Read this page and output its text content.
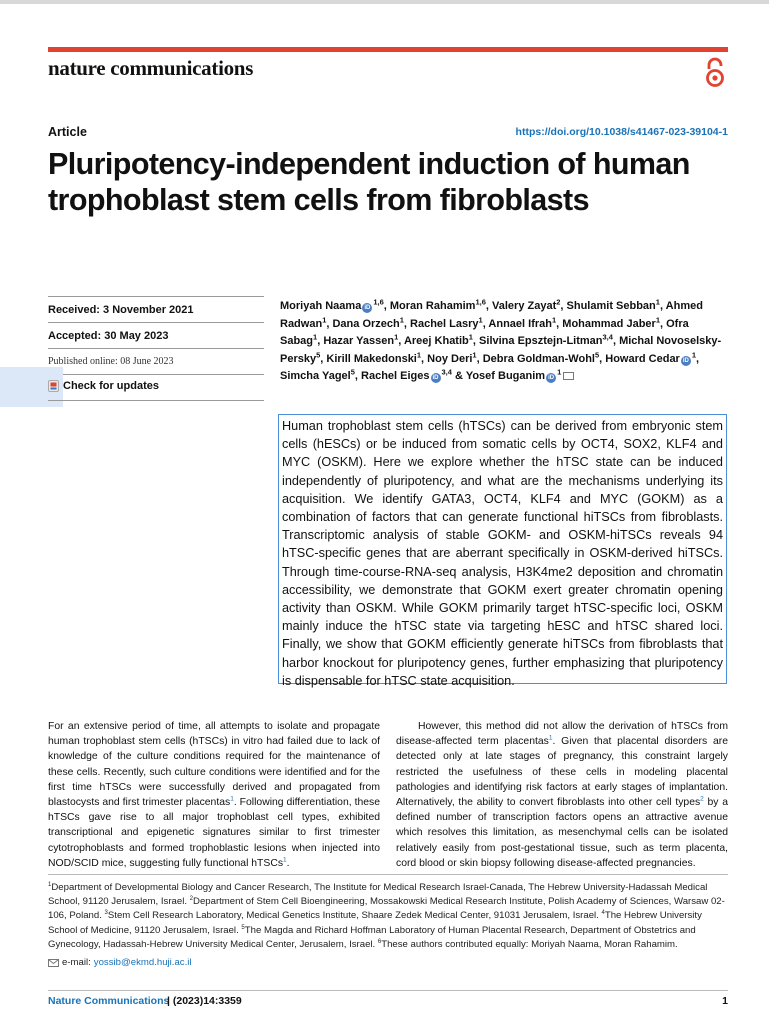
nature communications
Article	https://doi.org/10.1038/s41467-023-39104-1
Pluripotency-independent induction of human trophoblast stem cells from fibroblasts
Received: 3 November 2021
Accepted: 30 May 2023
Published online: 08 June 2023
Check for updates
Moriyah Naama iD$^{1,6}$, Moran Rahamim$^{1,6}$, Valery Zayat$^2$, Shulamit Sebban$^1$, Ahmed Radwan$^1$, Dana Orzech$^1$, Rachel Lasry$^1$, Annael Ifrah$^1$, Mohammad Jaber$^1$, Ofra Sabag$^1$, Hazar Yassen$^1$, Areej Khatib$^1$, Silvina Epsztejn-Litman$^{3,4}$, Michal Novoselsky-Persky$^5$, Kirill Makedonski$^1$, Noy Deri$^1$, Debra Goldman-Wohl$^5$, Howard Cedar $iD^1$, Simcha Yagel$^5$, Rachel Eiges iD$^{3,4}$ & Yosef Buganim $iD^1$

Human trophoblast stem cells (hTSCs) can be derived from embryonic stem cells (hESCs) or be induced from somatic cells by OCT4, SOX2, KLF4 and MYC (OSKM). Here we explore whether the hTSC state can be induced independently of pluripotency, and what are the mechanisms underlying its acquisition. We identify GATA3, OCT4, KLF4 and MYC (GOKM) as a combination of factors that can generate functional hiTSCs from fibroblasts. Transcriptomic analysis of stable GOKM- and OSKM-hiTSCs reveals 94 hTSC-specific genes that are aberrant specifically in OSKM-derived hiTSCs. Through time-course-RNA-seq analysis, H3K4me2 deposition and chromatin accessibility, we demonstrate that GOKM exert greater chromatin opening activity than OSKM. While GOKM primarily target hTSC-specific loci, OSKM mainly induce the hTSC state via targeting hESC and hTSC shared loci. Finally, we show that GOKM efficiently generate hiTSCs from fibroblasts that harbor knockout for pluripotency genes, further emphasizing that pluripotency is dispensable for hTSC state acquisition.

For an extensive period of time, all attempts to isolate and propagate human trophoblast stem cells (hTSCs) in vitro had failed due to lack of knowledge of the culture conditions required for the maintenance of these cells. Recently, such culture conditions were identified and for the first time hTSCs were successfully derived and propagated from blastocysts and first trimester placentas$^1$. Following differentiation, these hTSCs gave rise to all major trophoblast cell types, exhibited transcriptional and epigenetic signatures similar to first trimester cytotrophoblasts and formed trophoblastic lesions when injected into NOD/SCID mice, suggesting fully functional hTSCs$^1$.

However, this method did not allow the derivation of hTSCs from disease-affected term placentas$^1$. Given that placental disorders are detected only at late stages of pregnancy, this constraint largely restricted the usefulness of these cells in modeling placental pathologies and identifying risk factors at early stages of implantation. Alternatively, the ability to convert fibroblasts into other cell types$^2$ by a defined number of transcription factors opens an attractive avenue which resolves this limitation, as mesenchymal cells can be isolated relatively easily from post-gestational tissue, such as term placenta, cord blood or skin biopsy following disease-affected pregnancies.

$^1$Department of Developmental Biology and Cancer Research, The Institute for Medical Research Israel-Canada, The Hebrew University-Hadassah Medical School, 91120 Jerusalem, Israel. $^2$Department of Stem Cell Bioengineering, Mossakowski Medical Research Institute, Polish Academy of Sciences, Warsaw 02-106, Poland. $^3$Stem Cell Research Laboratory, Medical Genetics Institute, Shaare Zedek Medical Center, 91031 Jerusalem, Israel. $^4$The Hebrew University School of Medicine, 91120 Jerusalem, Israel. $^5$The Magda and Richard Hoffman Laboratory of Human Placental Research, Department of Obstetrics and Gynecology, Hadassah-Hebrew University Medical Center, Jerusalem, Israel. $^6$These authors contributed equally: Moriyah Naama, Moran Rahamim.

e-mail: yossib@ekmd.huji.ac.il
Nature Communications
| (2023)14:3359	1
